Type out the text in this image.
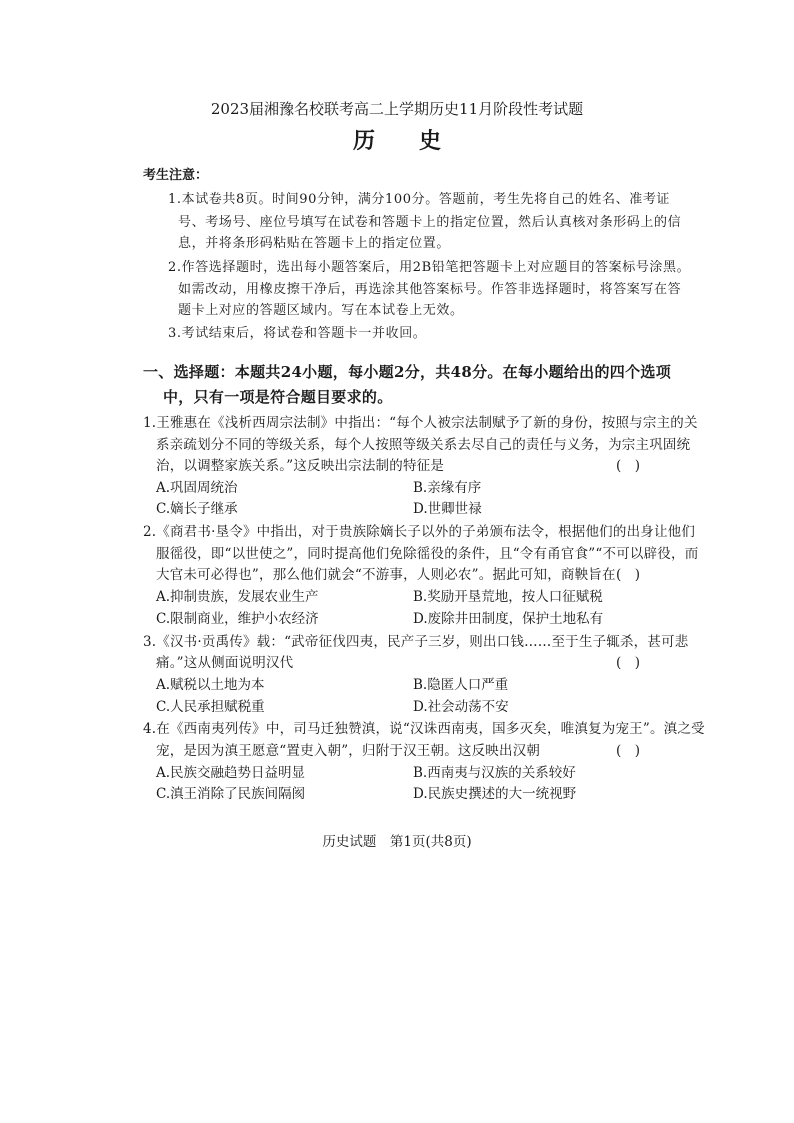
2023届湘豫名校联考高二上学期历史11月阶段性考试题
历史
考生注意：
1.本试卷共8页。时间90分钟，满分100分。答题前，考生先将自己的姓名、准考证
号、考场号、座位号填写在试卷和答题卡上的指定位置，然后认真核对条形码上的信
息，并将条形码粘贴在答题卡上的指定位置。
2.作答选择题时，选出每小题答案后，用2B铅笔把答题卡上对应题目的答案标号涂黑。
如需改动，用橡皮擦干净后，再选涂其他答案标号。作答非选择题时，将答案写在答
题卡上对应的答题区域内。写在本试卷上无效。
3.考试结束后，将试卷和答题卡一并收回。
一、选择题：本题共24小题，每小题2分，共48分。在每小题给出的四个选项
中，只有一项是符合题目要求的。
1.王雅惠在《浅析西周宗法制》中指出：“每个人被宗法制赋予了新的身份，按照与宗主的关
系亲疏划分不同的等级关系，每个人按照等级关系去尽自己的责任与义务，为宗主巩固统
治，以调整家族关系。”这反映出宗法制的特征是	(　)
A.巩固周统治	B.亲缘有序
C.嫡长子继承	D.世卿世禄
2.《商君书·垦令》中指出，对于贵族除嫡长子以外的子弟颁布法令，根据他们的出身让他们
服徭役，即“以世使之”，同时提高他们免除徭役的条件，且“令有甬官食”“不可以辟役，而
大官未可必得也”，那么他们就会“不游事，人则必农”。据此可知，商鞅旨在 (　)
A.抑制贵族，发展农业生产	B.奖励开垦荒地，按人口征赋税
C.限制商业，维护小农经济	D.废除井田制度，保护土地私有
3.《汉书·贡禹传》载：“武帝征伐四夷，民产子三岁，则出口钱……至于生子辄杀，甚可悲
痛。”这从侧面说明汉代	(　)
A.赋税以土地为本	B.隐匿人口严重
C.人民承担赋税重	D.社会动荡不安
4.在《西南夷列传》中，司马迁独赞滇，说“汉诛西南夷，国多灭矣，唯滇复为宠王”。滇之受
宠，是因为滇王愿意“置吏入朝”，归附于汉王朝。这反映出汉朝	(　)
A.民族交融趋势日益明显	B.西南夷与汉族的关系较好
C.滇王消除了民族间隔阂	D.民族史撰述的大一统视野
历史试题　第1页(共8页)
